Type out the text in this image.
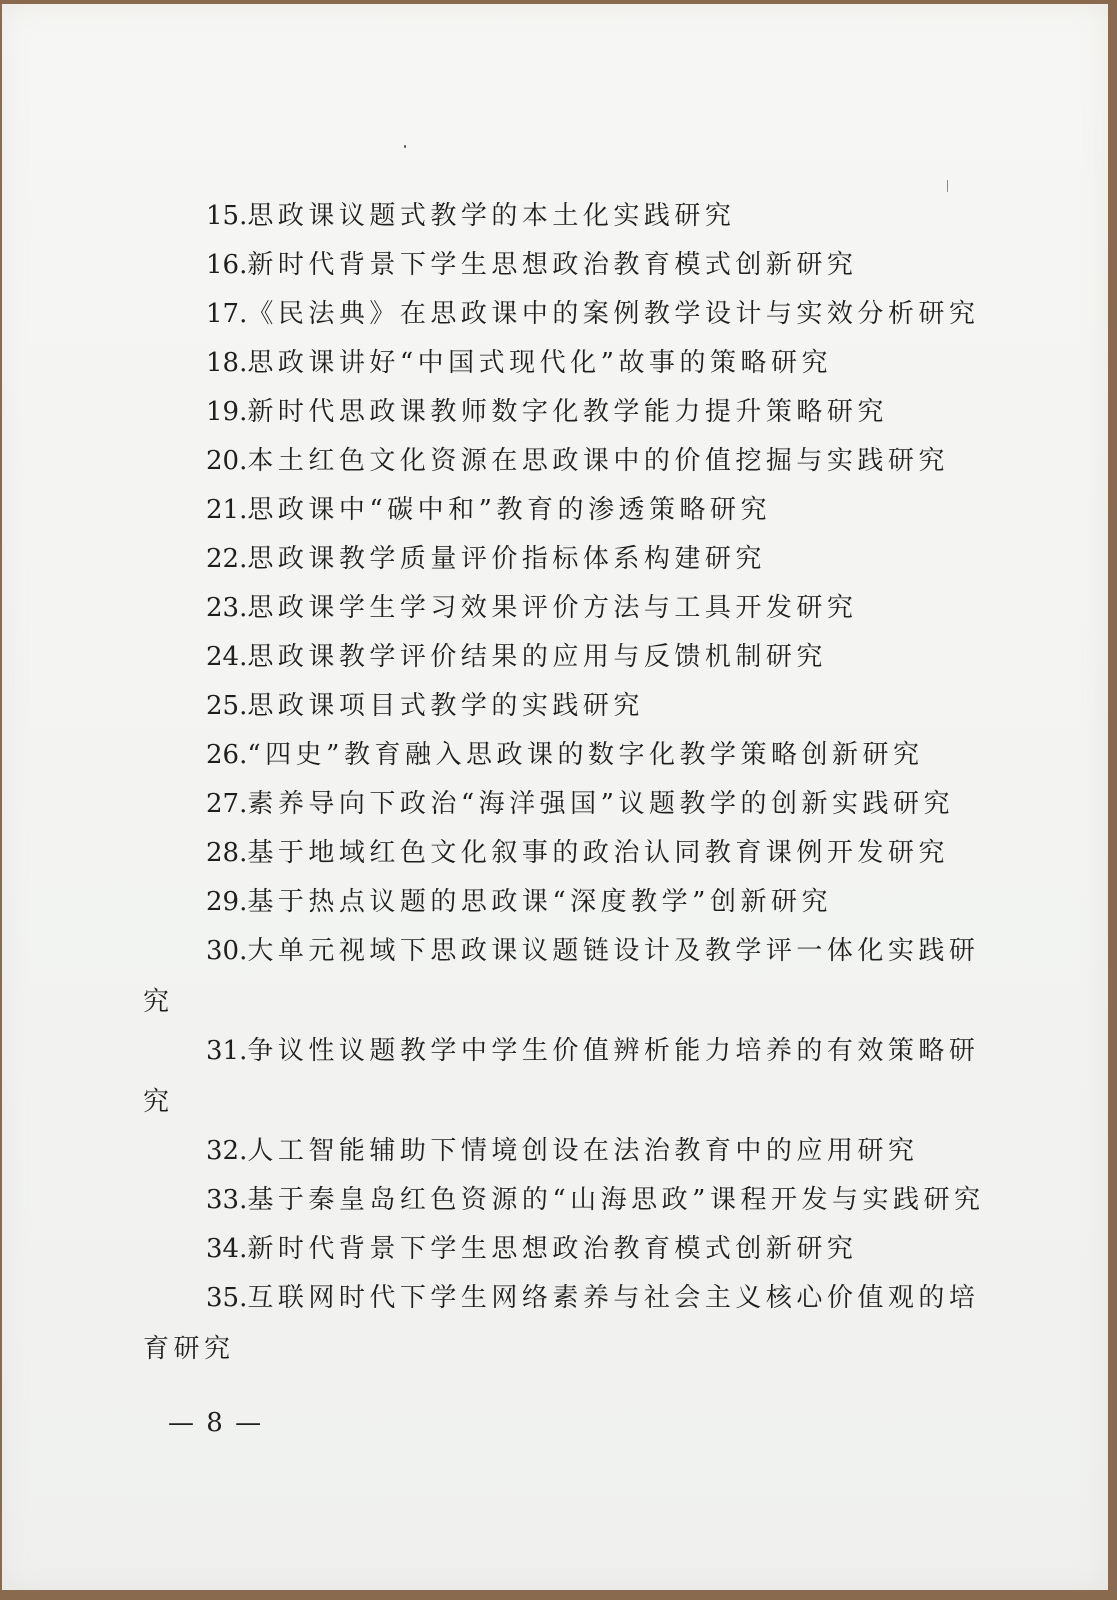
15.思政课议题式教学的本土化实践研究
16.新时代背景下学生思想政治教育模式创新研究
17.《民法典》在思政课中的案例教学设计与实效分析研究
18.思政课讲好“中国式现代化”故事的策略研究
19.新时代思政课教师数字化教学能力提升策略研究
20.本土红色文化资源在思政课中的价值挖掘与实践研究
21.思政课中“碳中和”教育的渗透策略研究
22.思政课教学质量评价指标体系构建研究
23.思政课学生学习效果评价方法与工具开发研究
24.思政课教学评价结果的应用与反馈机制研究
25.思政课项目式教学的实践研究
26.“四史”教育融入思政课的数字化教学策略创新研究
27.素养导向下政治“海洋强国”议题教学的创新实践研究
28.基于地域红色文化叙事的政治认同教育课例开发研究
29.基于热点议题的思政课“深度教学”创新研究
30.大单元视域下思政课议题链设计及教学评一体化实践研
究
31.争议性议题教学中学生价值辨析能力培养的有效策略研
究
32.人工智能辅助下情境创设在法治教育中的应用研究
33.基于秦皇岛红色资源的“山海思政”课程开发与实践研究
34.新时代背景下学生思想政治教育模式创新研究
35.互联网时代下学生网络素养与社会主义核心价值观的培
育研究
— 8 —
